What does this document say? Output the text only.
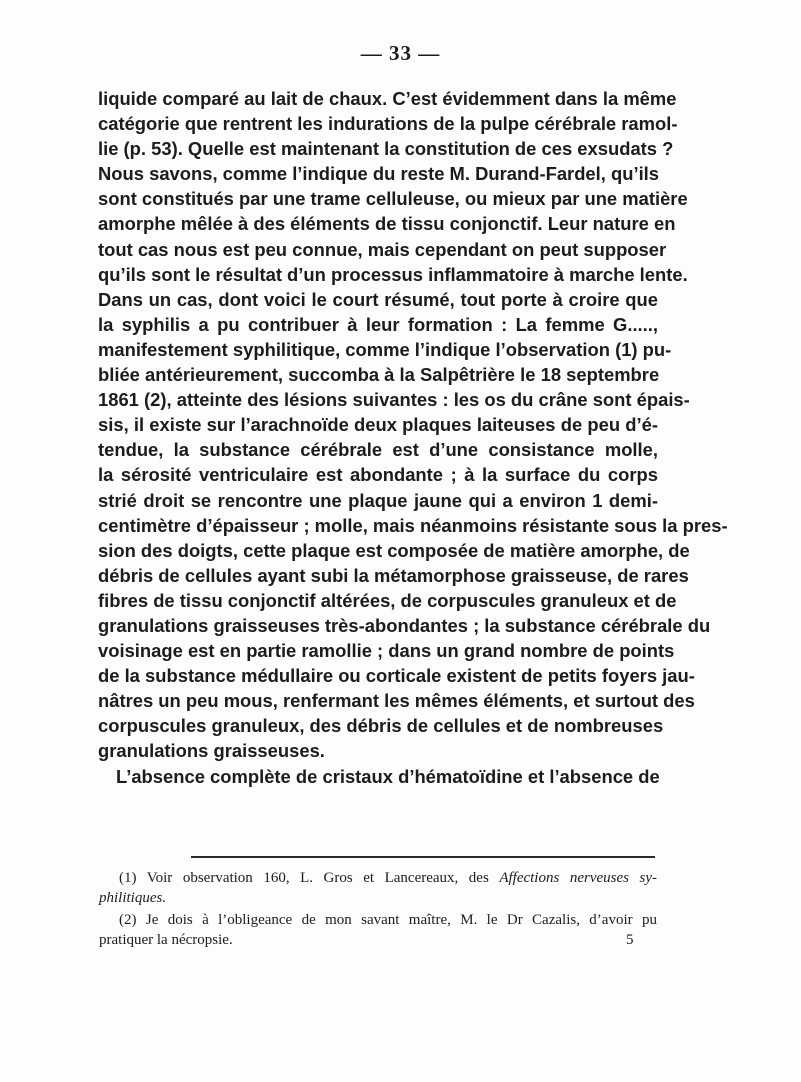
— 33 —
liquide comparé au lait de chaux. C’est évidemment dans la même
catégorie que rentrent les indurations de la pulpe cérébrale ramol-
lie (p. 53). Quelle est maintenant la constitution de ces exsudats ?
Nous savons, comme l’indique du reste M. Durand-Fardel, qu’ils
sont constitués par une trame celluleuse, ou mieux par une matière
amorphe mêlée à des éléments de tissu conjonctif. Leur nature en
tout cas nous est peu connue, mais cependant on peut supposer
qu’ils sont le résultat d’un processus inflammatoire à marche lente.
Dans un cas, dont voici le court résumé, tout porte à croire que
la syphilis a pu contribuer à leur formation : La femme G.....,
manifestement syphilitique, comme l’indique l’observation (1) pu-
bliée antérieurement, succomba à la Salpêtrière le 18 septembre
1861 (2), atteinte des lésions suivantes : les os du crâne sont épais-
sis, il existe sur l’arachnoïde deux plaques laiteuses de peu d’é-
tendue, la substance cérébrale est d’une consistance molle,
la sérosité ventriculaire est abondante ; à la surface du corps
strié droit se rencontre une plaque jaune qui a environ 1 demi-
centimètre d’épaisseur ; molle, mais néanmoins résistante sous la pres-
sion des doigts, cette plaque est composée de matière amorphe, de
débris de cellules ayant subi la métamorphose graisseuse, de rares
fibres de tissu conjonctif altérées, de corpuscules granuleux et de
granulations graisseuses très-abondantes ; la substance cérébrale du
voisinage est en partie ramollie ; dans un grand nombre de points
de la substance médullaire ou corticale existent de petits foyers jau-
nâtres un peu mous, renfermant les mêmes éléments, et surtout des
corpuscules granuleux, des débris de cellules et de nombreuses
granulations graisseuses.
L’absence complète de cristaux d’hématoïdine et l’absence de
(1) Voir observation 160, L. Gros et Lancereaux, des Affections nerveuses sy-
philitiques.
(2) Je dois à l’obligeance de mon savant maître, M. le Dr Cazalis, d’avoir pu
pratiquer la nécropsie.	5
